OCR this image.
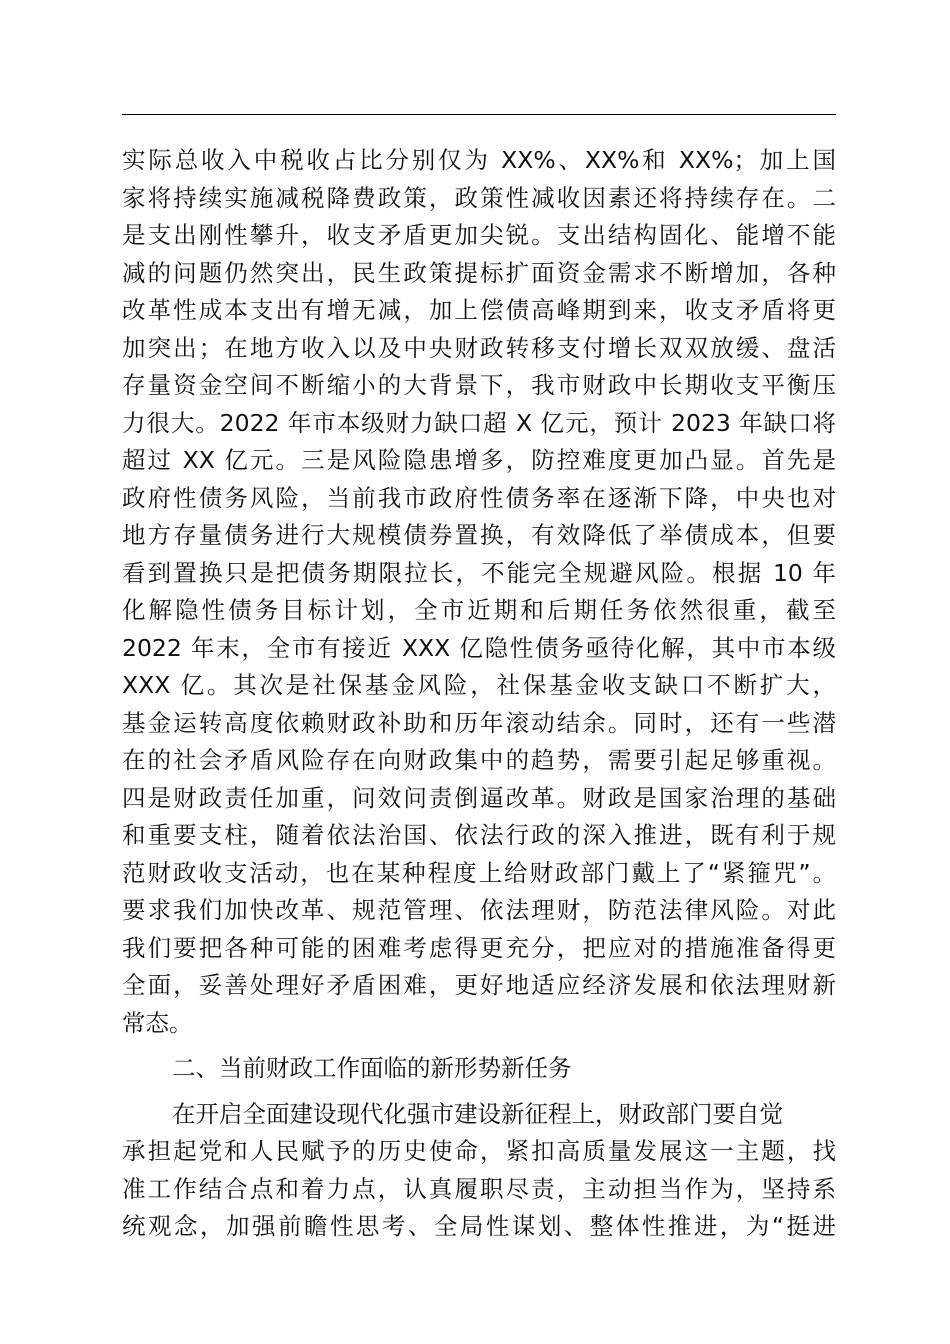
实际总收入中税收占比分别仅为 XX%、XX%和 XX%；加上国
家将持续实施减税降费政策，政策性减收因素还将持续存在。二
是支出刚性攀升，收支矛盾更加尖锐。支出结构固化、能增不能
减的问题仍然突出，民生政策提标扩面资金需求不断增加，各种
改革性成本支出有增无减，加上偿债高峰期到来，收支矛盾将更
加突出；在地方收入以及中央财政转移支付增长双双放缓、盘活
存量资金空间不断缩小的大背景下，我市财政中长期收支平衡压
力很大。2022 年市本级财力缺口超 X 亿元，预计 2023 年缺口将
超过 XX 亿元。三是风险隐患增多，防控难度更加凸显。首先是
政府性债务风险，当前我市政府性债务率在逐渐下降，中央也对
地方存量债务进行大规模债券置换，有效降低了举债成本，但要
看到置换只是把债务期限拉长，不能完全规避风险。根据 10 年
化解隐性债务目标计划，全市近期和后期任务依然很重，截至
2022 年末，全市有接近 XXX 亿隐性债务亟待化解，其中市本级
XXX 亿。其次是社保基金风险，社保基金收支缺口不断扩大，
基金运转高度依赖财政补助和历年滚动结余。同时，还有一些潜
在的社会矛盾风险存在向财政集中的趋势，需要引起足够重视。
四是财政责任加重，问效问责倒逼改革。财政是国家治理的基础
和重要支柱，随着依法治国、依法行政的深入推进，既有利于规
范财政收支活动，也在某种程度上给财政部门戴上了“紧箍咒”。
要求我们加快改革、规范管理、依法理财，防范法律风险。对此
我们要把各种可能的困难考虑得更充分，把应对的措施准备得更
全面，妥善处理好矛盾困难，更好地适应经济发展和依法理财新
常态。
二、当前财政工作面临的新形势新任务
在开启全面建设现代化强市建设新征程上，财政部门要自觉
承担起党和人民赋予的历史使命，紧扣高质量发展这一主题，找
准工作结合点和着力点，认真履职尽责，主动担当作为，坚持系
统观念，加强前瞻性思考、全局性谋划、整体性推进，为“挺进
